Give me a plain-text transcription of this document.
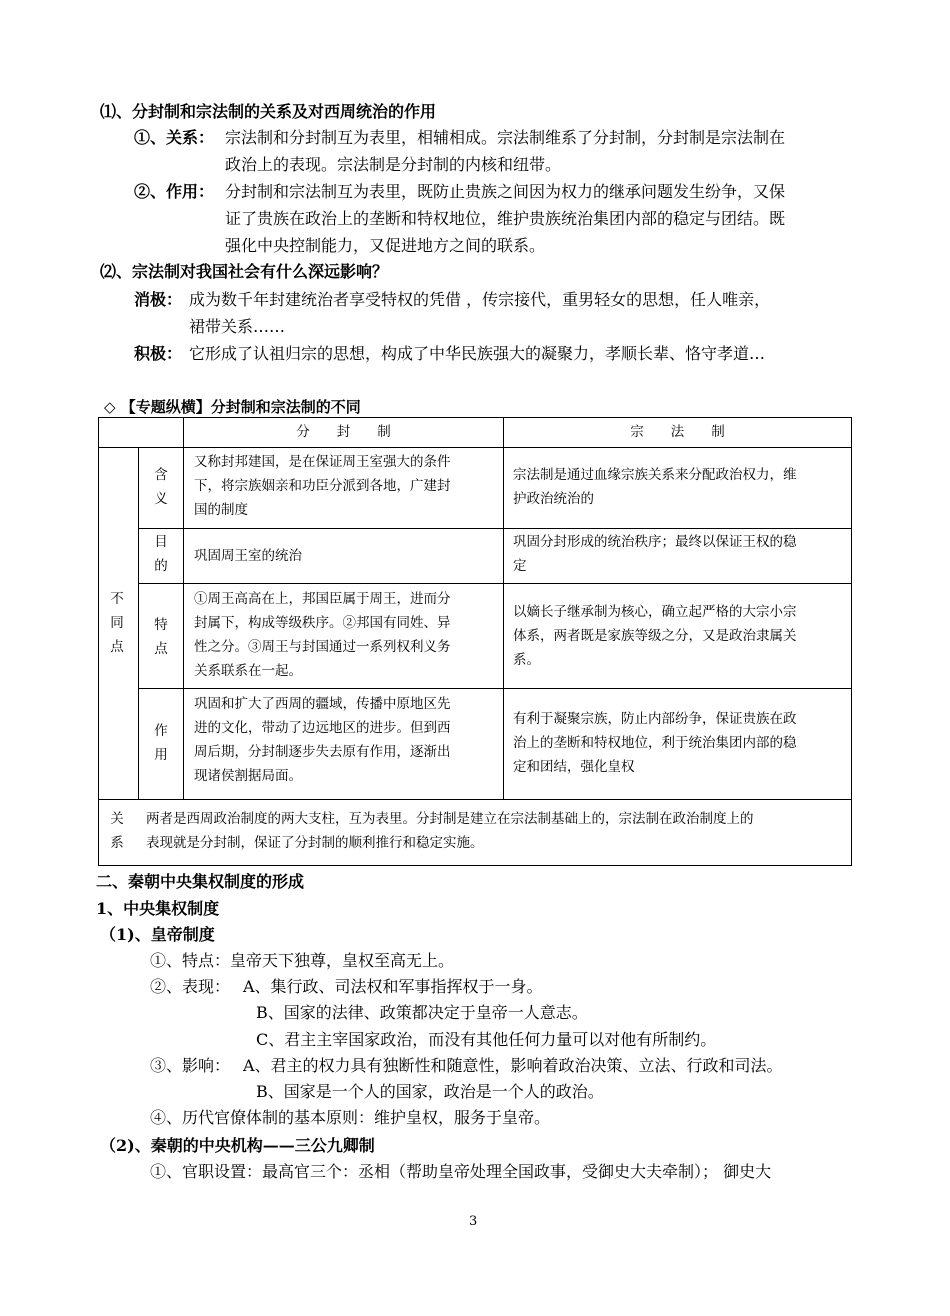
⑴、分封制和宗法制的关系及对西周统治的作用
①、关系： 宗法制和分封制互为表里，相辅相成。宗法制维系了分封制，分封制是宗法制在
政治上的表现。宗法制是分封制的内核和纽带。
②、作用： 分封制和宗法制互为表里，既防止贵族之间因为权力的继承问题发生纷争，又保
证了贵族在政治上的垄断和特权地位，维护贵族统治集团内部的稳定与团结。既
强化中央控制能力，又促进地方之间的联系。
⑵、宗法制对我国社会有什么深远影响？
消极： 成为数千年封建统治者享受特权的凭借 ，传宗接代，重男轻女的思想，任人唯亲，
裙带关系……
积极： 它形成了认祖归宗的思想，构成了中华民族强大的凝聚力，孝顺长辈、恪守孝道…
◇ 【专题纵横】分封制和宗法制的不同
分　　封　　制	宗　　法　　制
不
同
点
含
义
又称封邦建国，是在保证周王室强大的条件
下，将宗族姻亲和功臣分派到各地，广建封
国的制度
宗法制是通过血缘宗族关系来分配政治权力，维
护政治统治的
目
的
巩固周王室的统治
巩固分封形成的统治秩序；最终以保证王权的稳
定
特
点
①周王高高在上，邦国臣属于周王，进而分
封属下，构成等级秩序。②邦国有同姓、异
性之分。③周王与封国通过一系列权利义务
关系联系在一起。
以嫡长子继承制为核心，确立起严格的大宗小宗
体系，两者既是家族等级之分，又是政治隶属关
系。
作
用
巩固和扩大了西周的疆域，传播中原地区先
进的文化，带动了边远地区的进步。但到西
周后期，分封制逐步失去原有作用，逐渐出
现诸侯割据局面。
有利于凝聚宗族，防止内部纷争，保证贵族在政
治上的垄断和特权地位，利于统治集团内部的稳
定和团结，强化皇权
关
系
两者是西周政治制度的两大支柱，互为表里。分封制是建立在宗法制基础上的，宗法制在政治制度上的
表现就是分封制，保证了分封制的顺利推行和稳定实施。
二、秦朝中央集权制度的形成
1、中央集权制度
（1)、皇帝制度
①、特点：皇帝天下独尊，皇权至高无上。
②、表现： A、集行政、司法权和军事指挥权于一身。
B、国家的法律、政策都决定于皇帝一人意志。
C、君主主宰国家政治，而没有其他任何力量可以对他有所制约。
③、影响： A、君主的权力具有独断性和随意性，影响着政治决策、立法、行政和司法。
B、国家是一个人的国家，政治是一个人的政治。
④、历代官僚体制的基本原则：维护皇权，服务于皇帝。
（2)、秦朝的中央机构——三公九卿制
①、官职设置：最高官三个：丞相（帮助皇帝处理全国政事，受御史大夫牵制）； 御史大
3
